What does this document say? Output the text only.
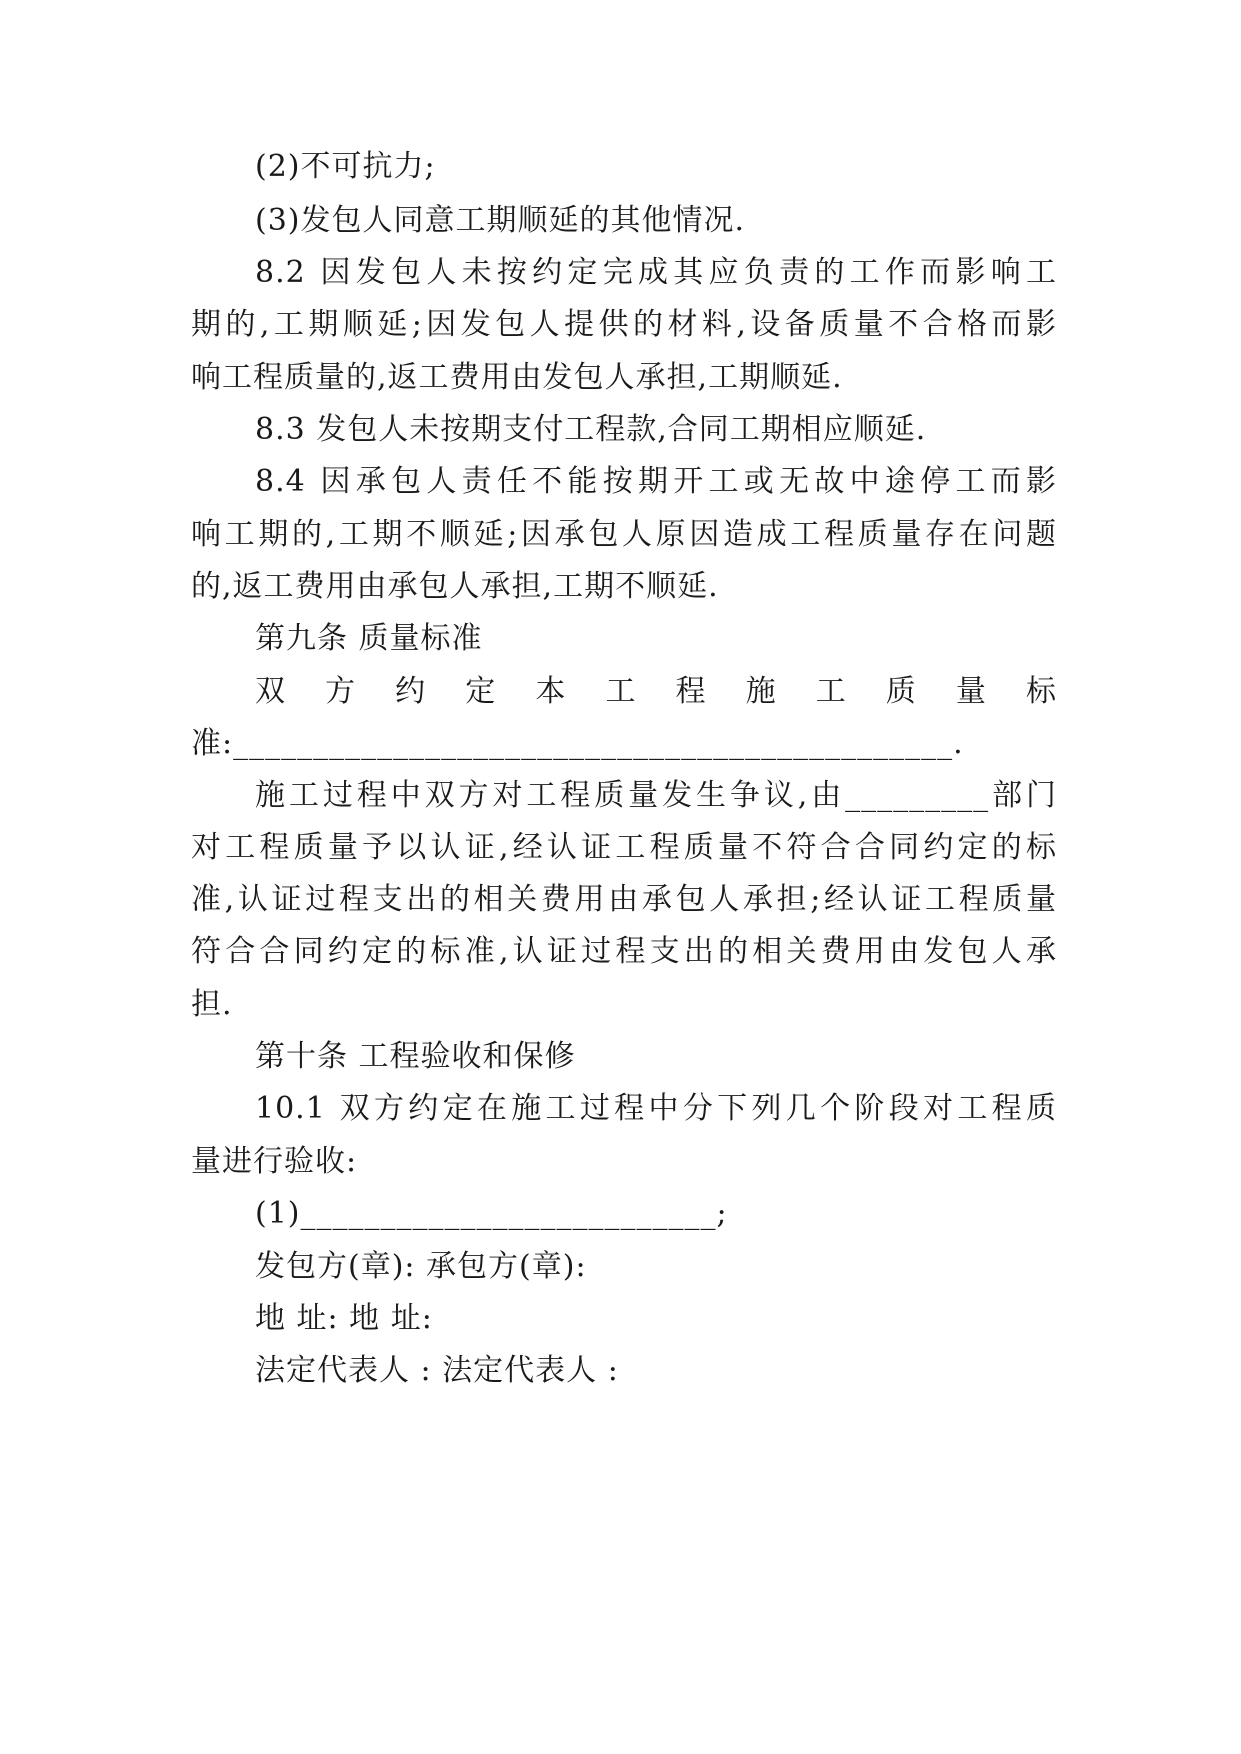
(2)不可抗力;
(3)发包人同意工期顺延的其他情况.
8.2 因发包人未按约定完成其应负责的工作而影响工
期的,工期顺延;因发包人提供的材料,设备质量不合格而影
响工程质量的,返工费用由发包人承担,工期顺延.
8.3 发包人未按期支付工程款,合同工期相应顺延.
8.4 因承包人责任不能按期开工或无故中途停工而影
响工期的,工期不顺延;因承包人原因造成工程质量存在问题
的,返工费用由承包人承担,工期不顺延.
第九条 质量标准
双 方 约 定 本 工 程 施 工 质 量 标
准:_____________________________________________.
施工过程中双方对工程质量发生争议,由_________部门
对工程质量予以认证,经认证工程质量不符合合同约定的标
准,认证过程支出的相关费用由承包人承担;经认证工程质量
符合合同约定的标准,认证过程支出的相关费用由发包人承
担.
第十条 工程验收和保修
10.1 双方约定在施工过程中分下列几个阶段对工程质
量进行验收:
(1)__________________________;
发包方(章): 承包方(章):
地 址: 地 址:
法定代表人 : 法定代表人 :
